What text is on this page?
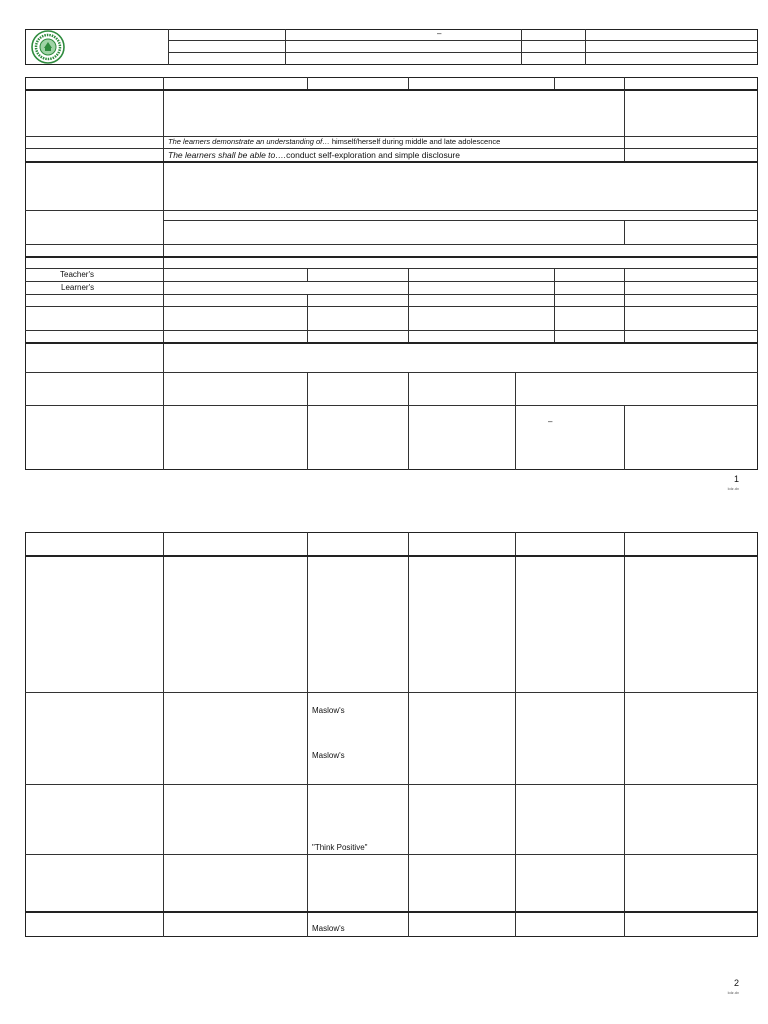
–
The learners demonstrate an understanding of… himself/herself during middle and late adolescence
The learners shall be able to….conduct self-exploration and simple disclosure
Teacher's
Learner's
–
1
lolz.dv
Maslow's
Maslow's
"Think Positive"
Maslow's
2
lolz.dv
